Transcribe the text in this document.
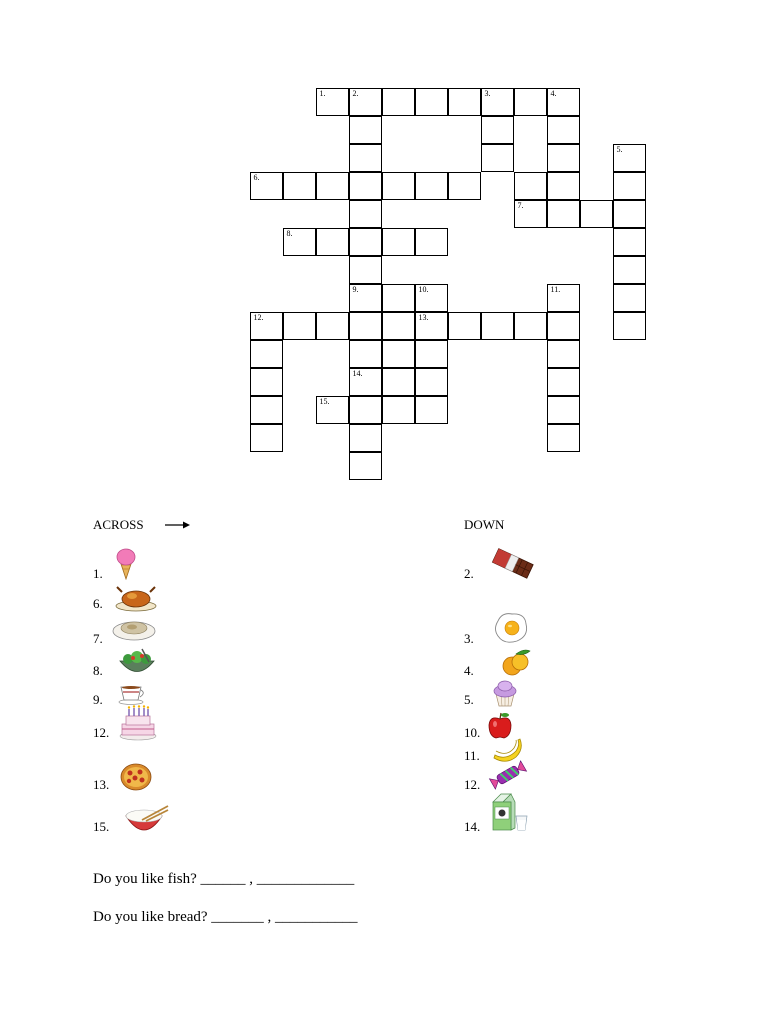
1.	2.	3.	4.
5.
6.
7.
8.
9.	10.	11.
12.	13.
14.
15.
ACROSS	DOWN
1.
6.
7.
8.
9.
12.
13.
15.
2.
3.
4.
5.
10.
11.
12.
14.
Do you like fish? ______ , _____________
Do you like bread? _______ , ___________
